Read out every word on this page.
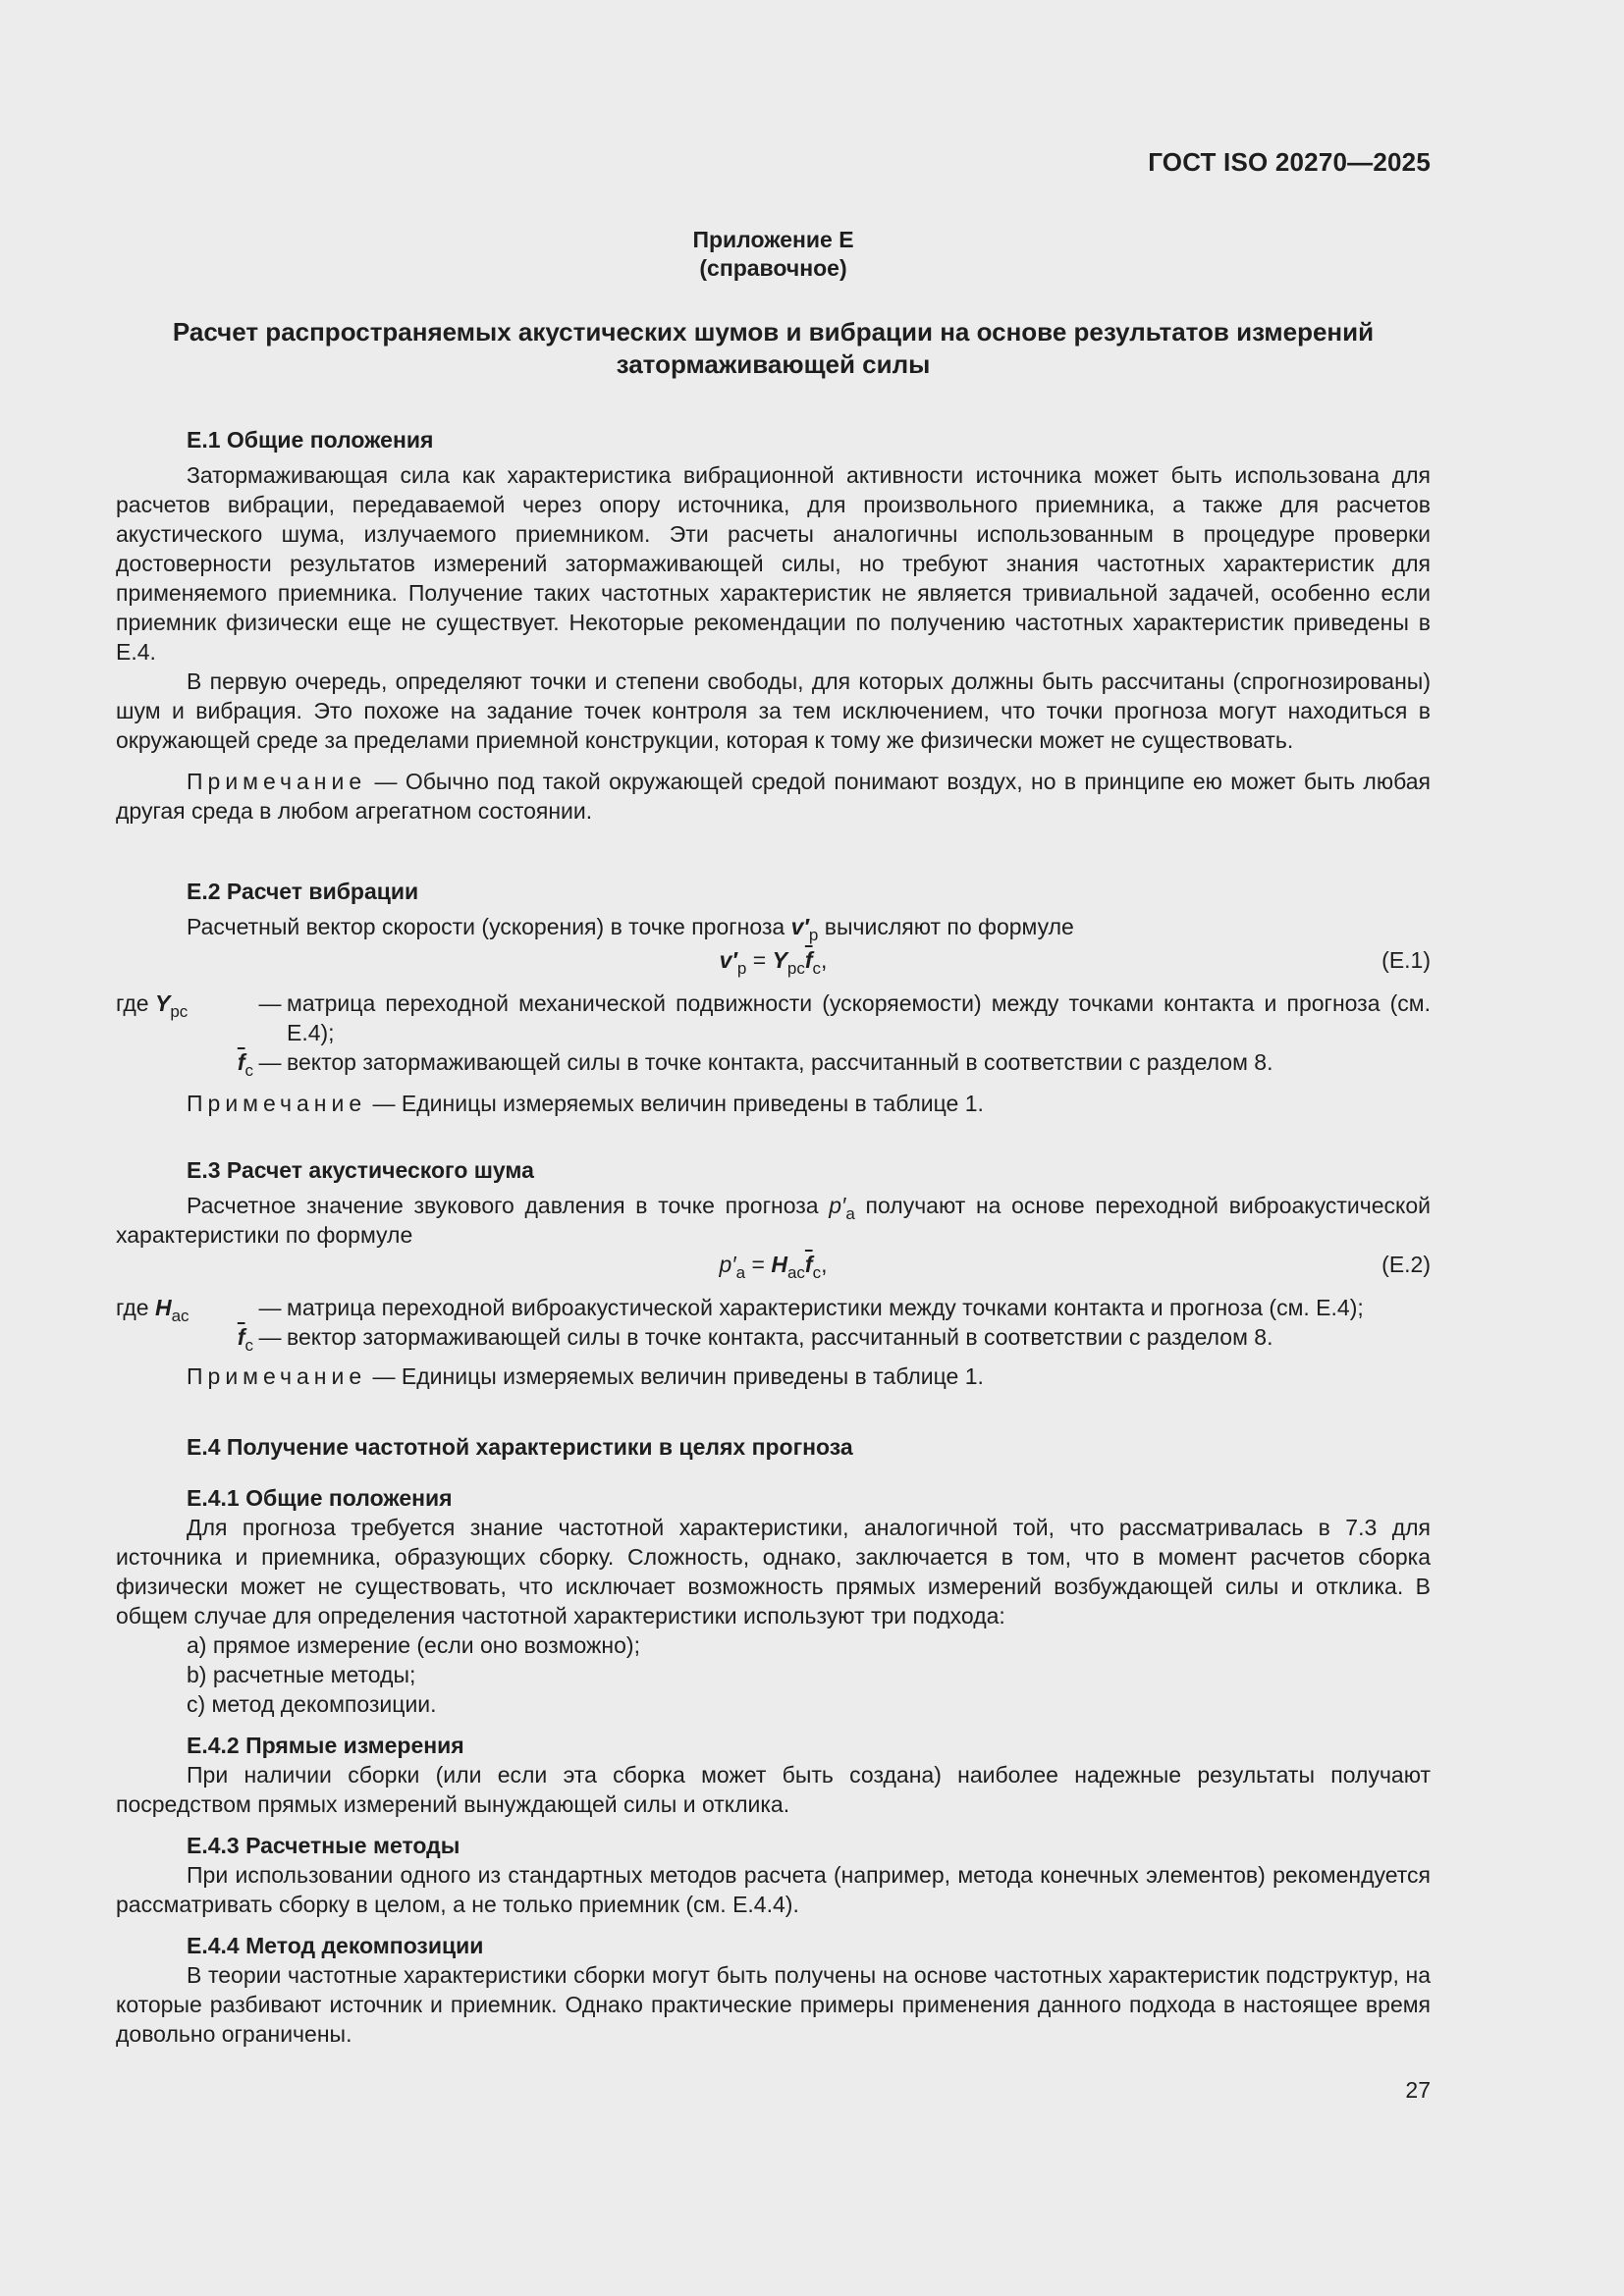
ГОСТ ISO 20270—2025
Приложение Е
(справочное)
Расчет распространяемых акустических шумов и вибрации на основе результатов измерений
затормаживающей силы
Е.1 Общие положения

Затормаживающая сила как характеристика вибрационной активности источника может быть использована для расчетов вибрации, передаваемой через опору источника, для произвольного приемника, а также для расчетов акустического шума, излучаемого приемником. Эти расчеты аналогичны использованным в процедуре проверки достоверности результатов измерений затормаживающей силы, но требуют знания частотных характеристик для применяемого приемника. Получение таких частотных характеристик не является тривиальной задачей, особенно если приемник физически еще не существует. Некоторые рекомендации по получению частотных характеристик приведены в Е.4.

В первую очередь, определяют точки и степени свободы, для которых должны быть рассчитаны (спрогнозированы) шум и вибрация. Это похоже на задание точек контроля за тем исключением, что точки прогноза могут находиться в окружающей среде за пределами приемной конструкции, которая к тому же физически может не существовать.

Примечание — Обычно под такой окружающей средой понимают воздух, но в принципе ею может быть любая другая среда в любом агрегатном состоянии.

Е.2 Расчет вибрации

Расчетный вектор скорости (ускорения) в точке прогноза $v'_p$ вычисляют по формуле

$v'_p = Y_{pc}\overline{f}_c$,	(Е.1)
где $Y_{pc}$	— матрица переходной механической подвижности (ускоряемости) между точками контакта и прогноза (см. Е.4);
$\overline{f}_c$ — вектор затормаживающей силы в точке контакта, рассчитанный в соответствии с разделом 8.

Примечание — Единицы измеряемых величин приведены в таблице 1.

Е.3 Расчет акустического шума

Расчетное значение звукового давления в точке прогноза $p'_a$ получают на основе переходной виброакустической характеристики по формуле

$p'_a = H_{ac}\overline{f}_c$,	(Е.2)
где $H_{ac}$	— матрица переходной виброакустической характеристики между точками контакта и прогноза (см. Е.4);
$\overline{f}_c$ — вектор затормаживающей силы в точке контакта, рассчитанный в соответствии с разделом 8.

Примечание — Единицы измеряемых величин приведены в таблице 1.

Е.4 Получение частотной характеристики в целях прогноза
Е.4.1 Общие положения

Для прогноза требуется знание частотной характеристики, аналогичной той, что рассматривалась в 7.3 для источника и приемника, образующих сборку. Сложность, однако, заключается в том, что в момент расчетов сборка физически может не существовать, что исключает возможность прямых измерений возбуждающей силы и отклика. В общем случае для определения частотной характеристики используют три подхода:

a) прямое измерение (если оно возможно);
b) расчетные методы;
c) метод декомпозиции.
Е.4.2 Прямые измерения

При наличии сборки (или если эта сборка может быть создана) наиболее надежные результаты получают посредством прямых измерений вынуждающей силы и отклика.

Е.4.3 Расчетные методы

При использовании одного из стандартных методов расчета (например, метода конечных элементов) рекомендуется рассматривать сборку в целом, а не только приемник (см. Е.4.4).

Е.4.4 Метод декомпозиции

В теории частотные характеристики сборки могут быть получены на основе частотных характеристик подструктур, на которые разбивают источник и приемник. Однако практические примеры применения данного подхода в настоящее время довольно ограничены.

27
